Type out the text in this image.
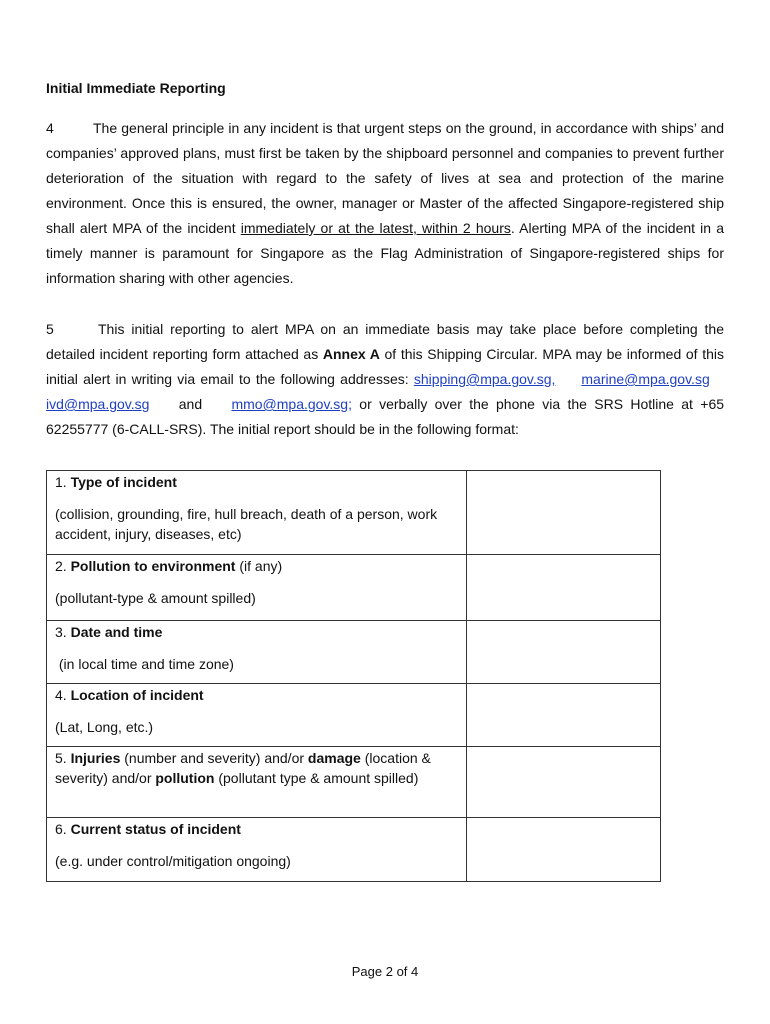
Initial Immediate Reporting
4	The general principle in any incident is that urgent steps on the ground, in accordance with ships’ and companies’ approved plans, must first be taken by the shipboard personnel and companies to prevent further deterioration of the situation with regard to the safety of lives at sea and protection of the marine environment. Once this is ensured, the owner, manager or Master of the affected Singapore-registered ship shall alert MPA of the incident immediately or at the latest, within 2 hours. Alerting MPA of the incident in a timely manner is paramount for Singapore as the Flag Administration of Singapore-registered ships for information sharing with other agencies.
5	This initial reporting to alert MPA on an immediate basis may take place before completing the detailed incident reporting form attached as Annex A of this Shipping Circular. MPA may be informed of this initial alert in writing via email to the following addresses: shipping@mpa.gov.sg, marine@mpa.gov.sg    ivd@mpa.gov.sg and mmo@mpa.gov.sg; or verbally over the phone via the SRS Hotline at +65 62255777 (6-CALL-SRS). The initial report should be in the following format:
1. Type of incident
(collision, grounding, fire, hull breach, death of a person, work accident, injury, diseases, etc)	

2. Pollution to environment (if any)
(pollutant-type & amount spilled)	

3. Date and time
(in local time and time zone)	

4. Location of incident
(Lat, Long, etc.)	

5. Injuries (number and severity) and/or damage (location & severity) and/or pollution (pollutant type & amount spilled)	

6. Current status of incident
(e.g. under control/mitigation ongoing)	

Page 2 of 4
